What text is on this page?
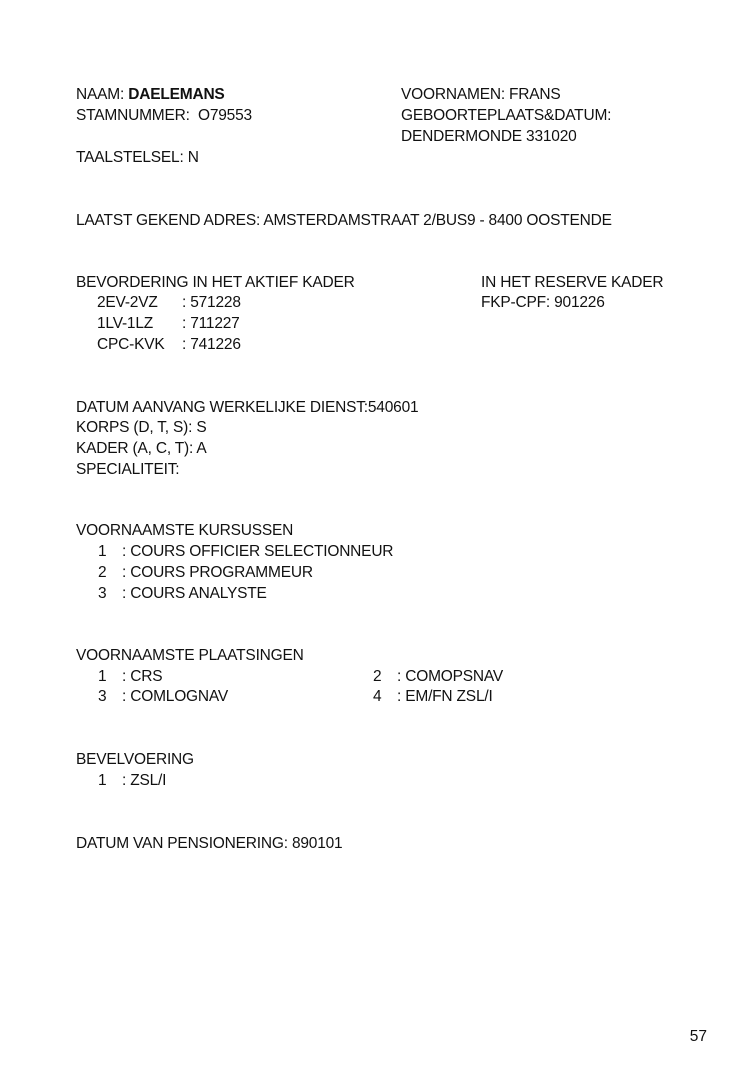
NAAM: DAELEMANS
STAMNUMMER:  O79553
TAALSTELSEL: N
VOORNAMEN: FRANS
GEBOORTEPLAATS&DATUM:
DENDERMONDE 331020
LAATST GEKEND ADRES: AMSTERDAMSTRAAT 2/BUS9 - 8400 OOSTENDE
BEVORDERING IN HET AKTIEF KADER
2EV-2VZ : 571228
1LV-1LZ : 711227
CPC-KVK : 741226
IN HET RESERVE KADER
FKP-CPF: 901226
DATUM AANVANG WERKELIJKE DIENST:540601
KORPS (D, T, S): S
KADER (A, C, T): A
SPECIALITEIT:
VOORNAAMSTE KURSUSSEN
1 : COURS OFFICIER SELECTIONNEUR
2 : COURS PROGRAMMEUR
3 : COURS ANALYSTE
VOORNAAMSTE PLAATSINGEN
1 : CRS	2 : COMOPSNAV
3 : COMLOGNAV	4 : EM/FN ZSL/I
BEVELVOERING
1 : ZSL/I
DATUM VAN PENSIONERING: 890101
57
